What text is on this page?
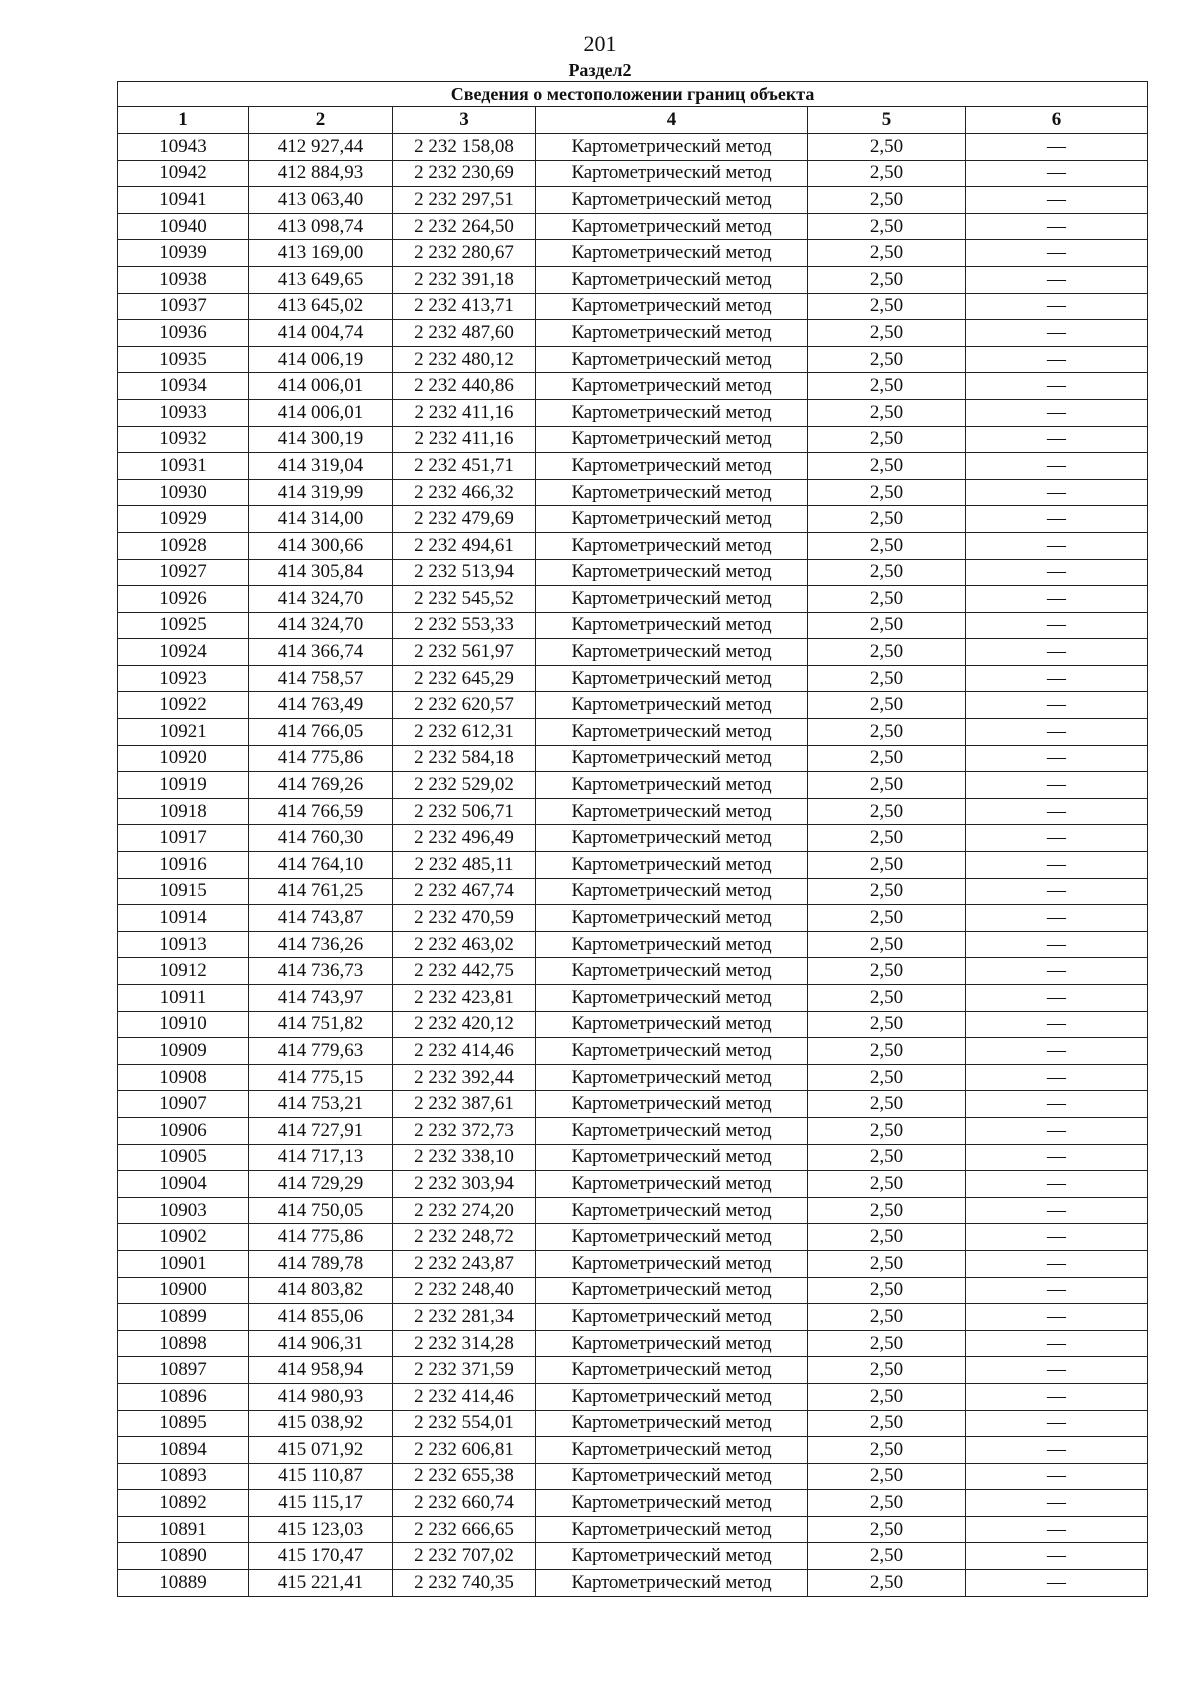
201
Раздел2
Сведения о местоположении границ объекта					
1	2	3	4	5	6
10943	412 927,44	2 232 158,08	Картометрический метод	2,50	—
10942	412 884,93	2 232 230,69	Картометрический метод	2,50	—
10941	413 063,40	2 232 297,51	Картометрический метод	2,50	—
10940	413 098,74	2 232 264,50	Картометрический метод	2,50	—
10939	413 169,00	2 232 280,67	Картометрический метод	2,50	—
10938	413 649,65	2 232 391,18	Картометрический метод	2,50	—
10937	413 645,02	2 232 413,71	Картометрический метод	2,50	—
10936	414 004,74	2 232 487,60	Картометрический метод	2,50	—
10935	414 006,19	2 232 480,12	Картометрический метод	2,50	—
10934	414 006,01	2 232 440,86	Картометрический метод	2,50	—
10933	414 006,01	2 232 411,16	Картометрический метод	2,50	—
10932	414 300,19	2 232 411,16	Картометрический метод	2,50	—
10931	414 319,04	2 232 451,71	Картометрический метод	2,50	—
10930	414 319,99	2 232 466,32	Картометрический метод	2,50	—
10929	414 314,00	2 232 479,69	Картометрический метод	2,50	—
10928	414 300,66	2 232 494,61	Картометрический метод	2,50	—
10927	414 305,84	2 232 513,94	Картометрический метод	2,50	—
10926	414 324,70	2 232 545,52	Картометрический метод	2,50	—
10925	414 324,70	2 232 553,33	Картометрический метод	2,50	—
10924	414 366,74	2 232 561,97	Картометрический метод	2,50	—
10923	414 758,57	2 232 645,29	Картометрический метод	2,50	—
10922	414 763,49	2 232 620,57	Картометрический метод	2,50	—
10921	414 766,05	2 232 612,31	Картометрический метод	2,50	—
10920	414 775,86	2 232 584,18	Картометрический метод	2,50	—
10919	414 769,26	2 232 529,02	Картометрический метод	2,50	—
10918	414 766,59	2 232 506,71	Картометрический метод	2,50	—
10917	414 760,30	2 232 496,49	Картометрический метод	2,50	—
10916	414 764,10	2 232 485,11	Картометрический метод	2,50	—
10915	414 761,25	2 232 467,74	Картометрический метод	2,50	—
10914	414 743,87	2 232 470,59	Картометрический метод	2,50	—
10913	414 736,26	2 232 463,02	Картометрический метод	2,50	—
10912	414 736,73	2 232 442,75	Картометрический метод	2,50	—
10911	414 743,97	2 232 423,81	Картометрический метод	2,50	—
10910	414 751,82	2 232 420,12	Картометрический метод	2,50	—
10909	414 779,63	2 232 414,46	Картометрический метод	2,50	—
10908	414 775,15	2 232 392,44	Картометрический метод	2,50	—
10907	414 753,21	2 232 387,61	Картометрический метод	2,50	—
10906	414 727,91	2 232 372,73	Картометрический метод	2,50	—
10905	414 717,13	2 232 338,10	Картометрический метод	2,50	—
10904	414 729,29	2 232 303,94	Картометрический метод	2,50	—
10903	414 750,05	2 232 274,20	Картометрический метод	2,50	—
10902	414 775,86	2 232 248,72	Картометрический метод	2,50	—
10901	414 789,78	2 232 243,87	Картометрический метод	2,50	—
10900	414 803,82	2 232 248,40	Картометрический метод	2,50	—
10899	414 855,06	2 232 281,34	Картометрический метод	2,50	—
10898	414 906,31	2 232 314,28	Картометрический метод	2,50	—
10897	414 958,94	2 232 371,59	Картометрический метод	2,50	—
10896	414 980,93	2 232 414,46	Картометрический метод	2,50	—
10895	415 038,92	2 232 554,01	Картометрический метод	2,50	—
10894	415 071,92	2 232 606,81	Картометрический метод	2,50	—
10893	415 110,87	2 232 655,38	Картометрический метод	2,50	—
10892	415 115,17	2 232 660,74	Картометрический метод	2,50	—
10891	415 123,03	2 232 666,65	Картометрический метод	2,50	—
10890	415 170,47	2 232 707,02	Картометрический метод	2,50	—
10889	415 221,41	2 232 740,35	Картометрический метод	2,50	—
